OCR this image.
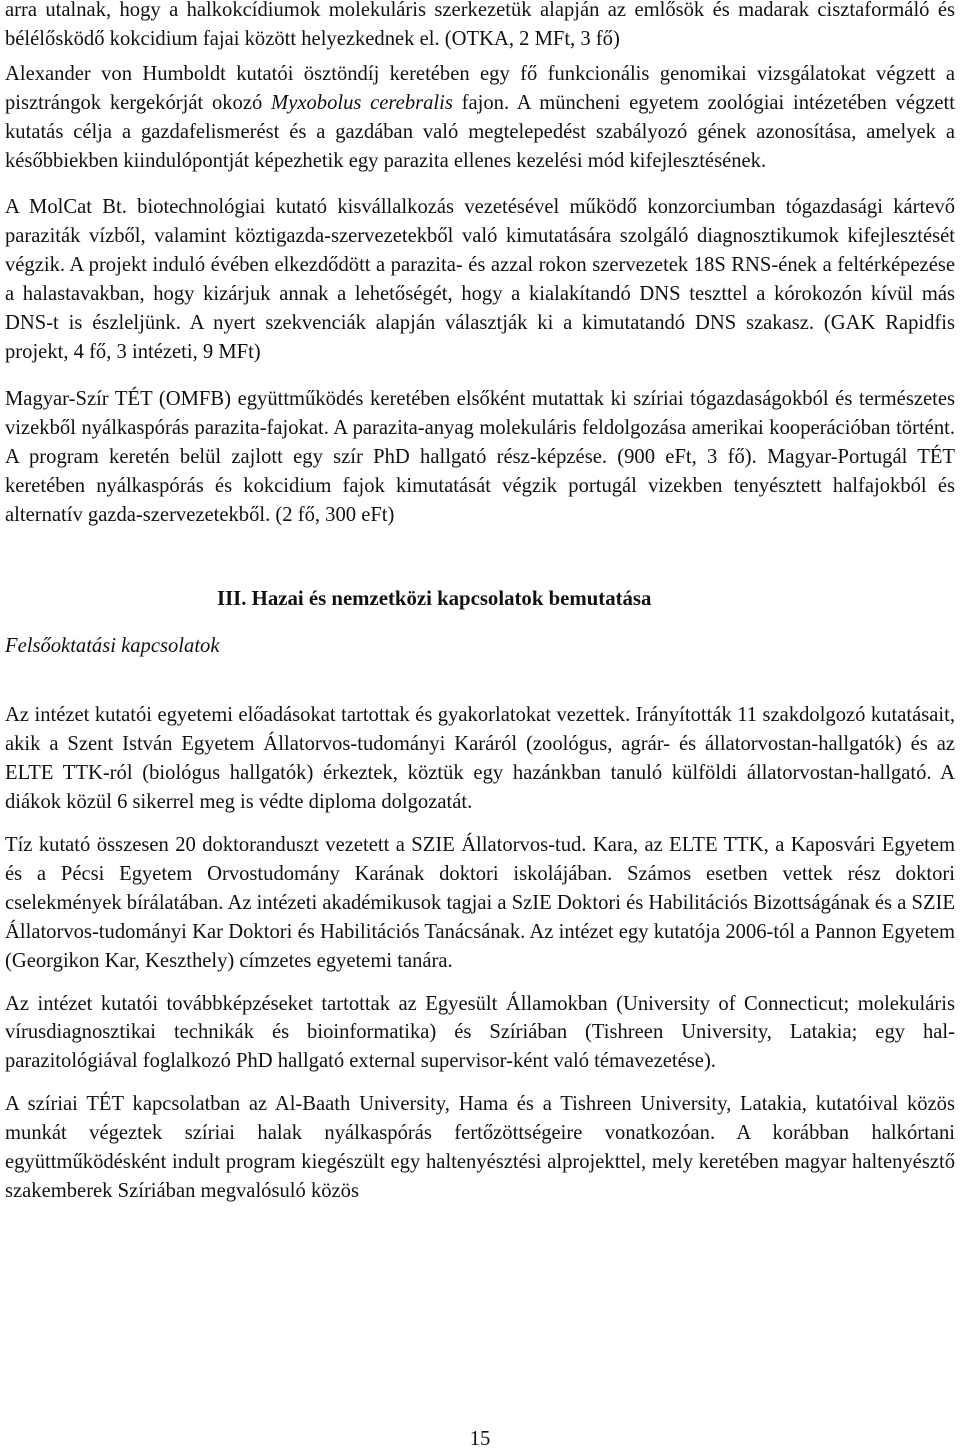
arra utalnak, hogy a halkokcídiumok molekuláris szerkezetük alapján az emlősök és madarak cisztaformáló és bélélősködő kokcidium fajai között helyezkednek el. (OTKA, 2 MFt, 3 fő)

Alexander von Humboldt kutatói ösztöndíj keretében egy fő funkcionális genomikai vizsgálatokat végzett a pisztrángok kergekórját okozó Myxobolus cerebralis fajon. A müncheni egyetem zoológiai intézetében végzett kutatás célja a gazdafelismerést és a gazdában való megtelepedést szabályozó gének azonosítása, amelyek a későbbiekben kiindulópontját képezhetik egy parazita ellenes kezelési mód kifejlesztésének.

A MolCat Bt. biotechnológiai kutató kisvállalkozás vezetésével működő konzorciumban tógazdasági kártevő paraziták vízből, valamint köztigazda-szervezetekből való kimutatására szolgáló diagnosztikumok kifejlesztését végzik. A projekt induló évében elkezdődött a parazita- és azzal rokon szervezetek 18S RNS-ének a feltérképezése a halastavakban, hogy kizárjuk annak a lehetőségét, hogy a kialakítandó DNS teszttel a kórokozón kívül más DNS-t is észleljünk. A nyert szekvenciák alapján választják ki a kimutatandó DNS szakasz. (GAK Rapidfis projekt, 4 fő, 3 intézeti, 9 MFt)

Magyar-Szír TÉT (OMFB) együttműködés keretében elsőként mutattak ki szíriai tógazdaságokból és természetes vizekből nyálkaspórás parazita-fajokat. A parazita-anyag molekuláris feldolgozása amerikai kooperációban történt. A program keretén belül zajlott egy szír PhD hallgató rész-képzése. (900 eFt, 3 fő). Magyar-Portugál TÉT keretében nyálkaspórás és kokcidium fajok kimutatását végzik portugál vizekben tenyésztett halfajokból és alternatív gazda-szervezetekből. (2 fő, 300 eFt)

III. Hazai és nemzetközi kapcsolatok bemutatása

Felsőoktatási kapcsolatok

Az intézet kutatói egyetemi előadásokat tartottak és gyakorlatokat vezettek. Irányították 11 szakdolgozó kutatásait, akik a Szent István Egyetem Állatorvos-tudományi Karáról (zoológus, agrár- és állatorvostan-hallgatók) és az ELTE TTK-ról (biológus hallgatók) érkeztek, köztük egy hazánkban tanuló külföldi állatorvostan-hallgató. A diákok közül 6 sikerrel meg is védte diploma dolgozatát.

Tíz kutató összesen 20 doktoranduszt vezetett a SZIE Állatorvos-tud. Kara, az ELTE TTK, a Kaposvári Egyetem és a Pécsi Egyetem Orvostudomány Karának doktori iskolájában. Számos esetben vettek rész doktori cselekmények bírálatában. Az intézeti akadémikusok tagjai a SzIE Doktori és Habilitációs Bizottságának és a SZIE Állatorvos-tudományi Kar Doktori és Habilitációs Tanácsának. Az intézet egy kutatója 2006-tól a Pannon Egyetem (Georgikon Kar, Keszthely) címzetes egyetemi tanára.

Az intézet kutatói továbbképzéseket tartottak az Egyesült Államokban (University of Connecticut; molekuláris vírusdiagnosztikai technikák és bioinformatika) és Szíriában (Tishreen University, Latakia; egy hal-parazitológiával foglalkozó PhD hallgató external supervisor-ként való témavezetése).

A szíriai TÉT kapcsolatban az Al-Baath University, Hama és a Tishreen University, Latakia, kutatóival közös munkát végeztek szíriai halak nyálkaspórás fertőzöttségeire vonatkozóan. A korábban halkórtani együttműködésként indult program kiegészült egy haltenyésztési alprojekttel, mely keretében magyar haltenyésztő szakemberek Szíriában megvalósuló közös

15
